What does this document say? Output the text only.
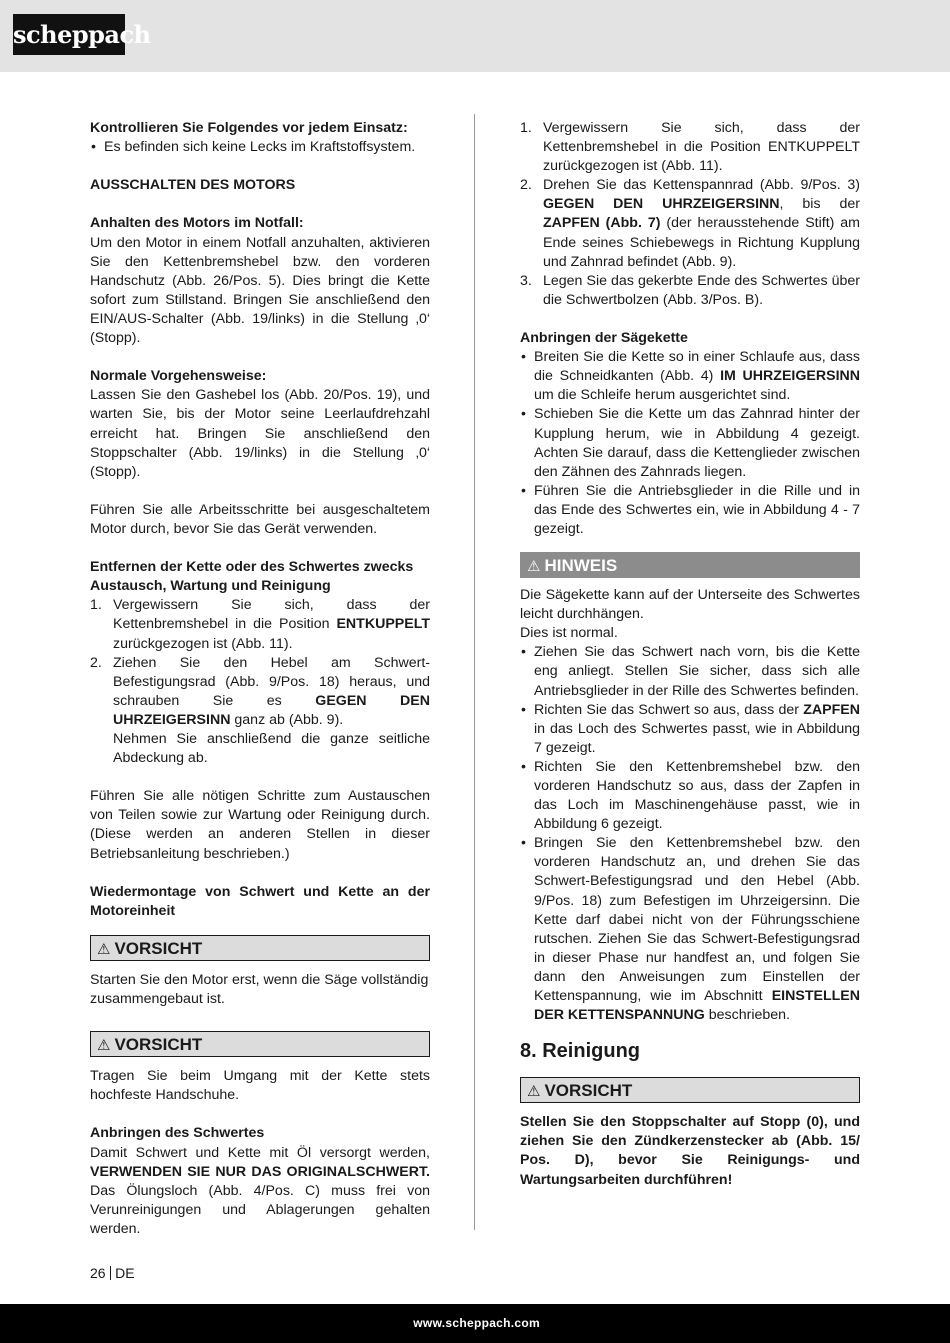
scheppach

Kontrollieren Sie Folgendes vor jedem Einsatz:

• Es befinden sich keine Lecks im Kraftstoffsystem.

AUSSCHALTEN DES MOTORS

Anhalten des Motors im Notfall:

Um den Motor in einem Notfall anzuhalten, aktivieren Sie den Kettenbremshebel bzw. den vorderen Handschutz (Abb. 26/Pos. 5). Dies bringt die Kette sofort zum Stillstand. Bringen Sie anschließend den EIN/AUS-Schalter (Abb. 19/links) in die Stellung ‚0‘ (Stopp).

Normale Vorgehensweise:

Lassen Sie den Gashebel los (Abb. 20/Pos. 19), und warten Sie, bis der Motor seine Leerlaufdrehzahl erreicht hat. Bringen Sie anschließend den Stoppschalter (Abb. 19/links) in die Stellung ‚0‘ (Stopp).

Führen Sie alle Arbeitsschritte bei ausgeschaltetem Motor durch, bevor Sie das Gerät verwenden.

Entfernen der Kette oder des Schwertes zwecks Austausch, Wartung und Reinigung

1. Vergewissern Sie sich, dass der Kettenbremshebel in die Position ENTKUPPELT zurückgezogen ist (Abb. 11).
2. Ziehen Sie den Hebel am Schwert-Befestigungsrad (Abb. 9/Pos. 18) heraus, und schrauben Sie es GEGEN DEN UHRZEIGERSINN ganz ab (Abb. 9).
Nehmen Sie anschließend die ganze seitliche Abdeckung ab.

Führen Sie alle nötigen Schritte zum Austauschen von Teilen sowie zur Wartung oder Reinigung durch. (Diese werden an anderen Stellen in dieser Betriebsanleitung beschrieben.)

Wiedermontage von Schwert und Kette an der Motoreinheit

⚠ VORSICHT

Starten Sie den Motor erst, wenn die Säge vollständig zusammengebaut ist.

⚠ VORSICHT

Tragen Sie beim Umgang mit der Kette stets hochfeste Handschuhe.

Anbringen des Schwertes

Damit Schwert und Kette mit Öl versorgt werden, VERWENDEN SIE NUR DAS ORIGINALSCHWERT. Das Ölungsloch (Abb. 4/Pos. C) muss frei von Verunreinigungen und Ablagerungen gehalten werden.

1. Vergewissern Sie sich, dass der Kettenbremshebel in die Position ENTKUPPELT zurückgezogen ist (Abb. 11).
2. Drehen Sie das Kettenspannrad (Abb. 9/Pos. 3) GEGEN DEN UHRZEIGERSINN, bis der ZAPFEN (Abb. 7) (der herausstehende Stift) am Ende seines Schiebewegs in Richtung Kupplung und Zahnrad befindet (Abb. 9).
3. Legen Sie das gekerbte Ende des Schwertes über die Schwertbolzen (Abb. 3/Pos. B).

Anbringen der Sägekette

• Breiten Sie die Kette so in einer Schlaufe aus, dass die Schneidkanten (Abb. 4) IM UHRZEIGERSINN um die Schleife herum ausgerichtet sind.
• Schieben Sie die Kette um das Zahnrad hinter der Kupplung herum, wie in Abbildung 4 gezeigt. Achten Sie darauf, dass die Kettenglieder zwischen den Zähnen des Zahnrads liegen.
• Führen Sie die Antriebsglieder in die Rille und in das Ende des Schwertes ein, wie in Abbildung 4 - 7 gezeigt.
⚠ HINWEIS

Die Sägekette kann auf der Unterseite des Schwertes leicht durchhängen.

Dies ist normal.

• Ziehen Sie das Schwert nach vorn, bis die Kette eng anliegt. Stellen Sie sicher, dass sich alle Antriebsglieder in der Rille des Schwertes befinden.
• Richten Sie das Schwert so aus, dass der ZAPFEN in das Loch des Schwertes passt, wie in Abbildung 7 gezeigt.
• Richten Sie den Kettenbremshebel bzw. den vorderen Handschutz so aus, dass der Zapfen in das Loch im Maschinengehäuse passt, wie in Abbildung 6 gezeigt.
• Bringen Sie den Kettenbremshebel bzw. den vorderen Handschutz an, und drehen Sie das Schwert-Befestigungsrad und den Hebel (Abb. 9/Pos. 18) zum Befestigen im Uhrzeigersinn. Die Kette darf dabei nicht von der Führungsschiene rutschen. Ziehen Sie das Schwert-Befestigungsrad in dieser Phase nur handfest an, und folgen Sie dann den Anweisungen zum Einstellen der Kettenspannung, wie im Abschnitt EINSTELLEN DER KETTENSPANNUNG beschrieben.
8. Reinigung
⚠ VORSICHT

Stellen Sie den Stoppschalter auf Stopp (0), und ziehen Sie den Zündkerzenstecker ab (Abb. 15/ Pos. D), bevor Sie Reinigungs- und Wartungsarbeiten durchführen!

26 DE
www.scheppach.com
